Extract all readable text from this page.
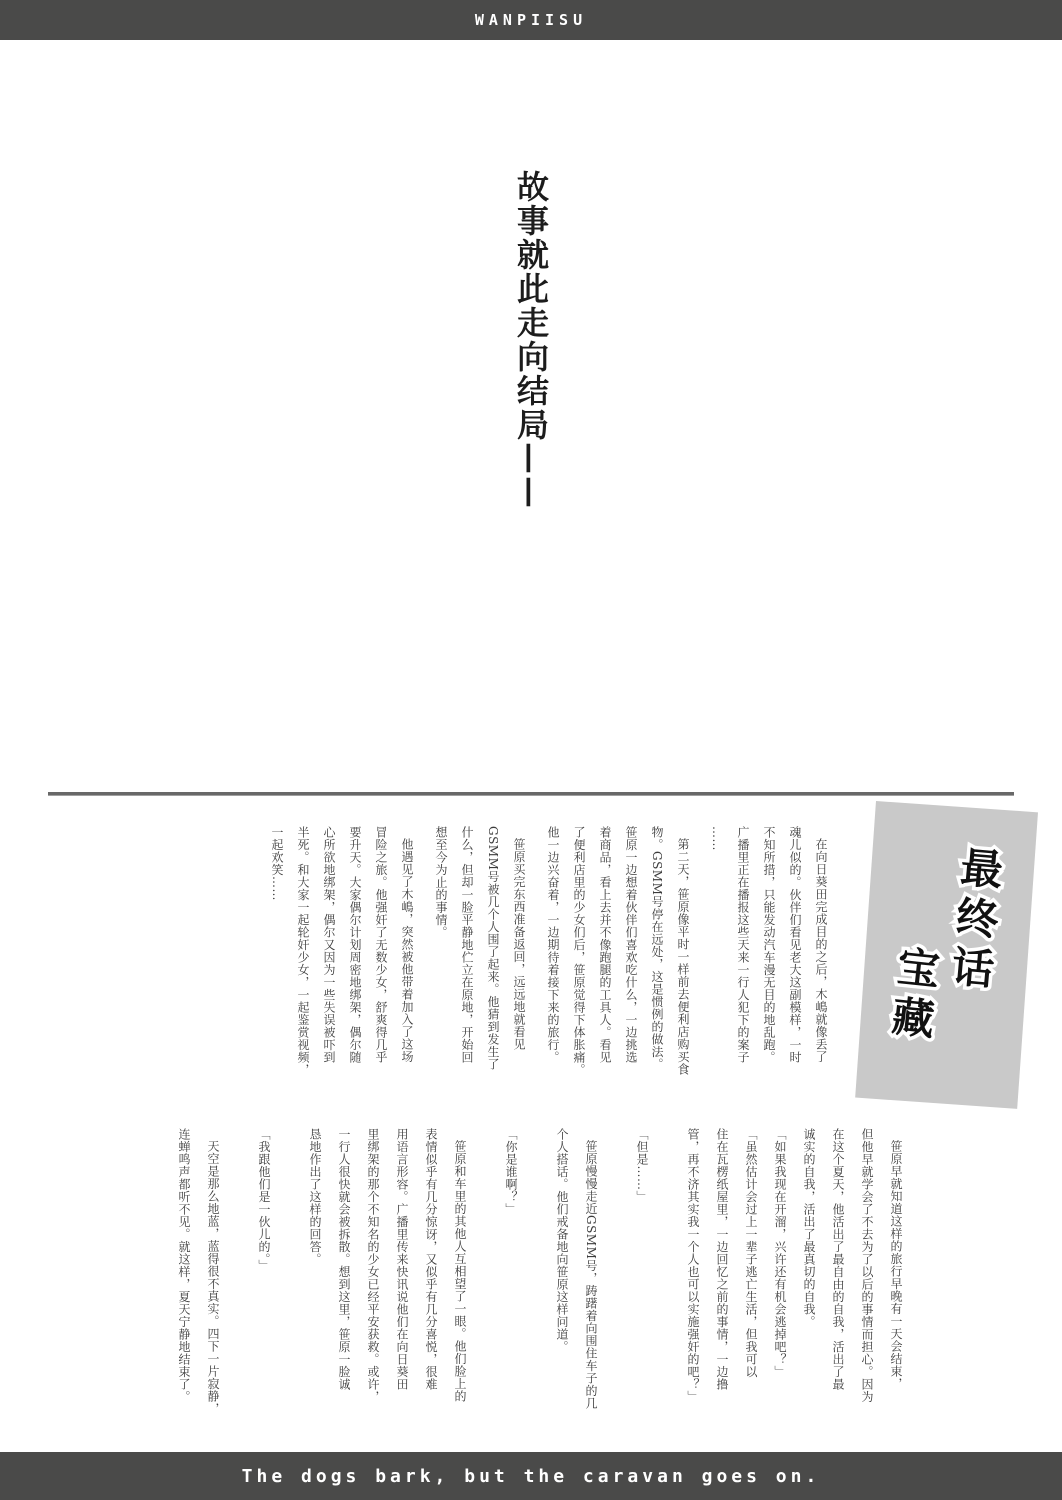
WANPIISU
故事就此走向结局——
最终话
宝藏
在向日葵田完成目的之后，木嶋就像丢了
魂儿似的。伙伴们看见老大这副模样，一时
不知所措，只能发动汽车漫无目的地乱跑。
广播里正在播报这些天来一行人犯下的案子
……
第二天，笹原像平时一样前去便利店购买食
物。GSMM号停在远处，这是惯例的做法。
笹原一边想着伙伴们喜欢吃什么，一边挑选
着商品，看上去并不像跑腿的工具人。看见
了便利店里的少女们后，笹原觉得下体胀痛。
他一边兴奋着，一边期待着接下来的旅行。
笹原买完东西准备返回，远远地就看见
GSMM号被几个人围了起来。他猜到发生了
什么，但却一脸平静地伫立在原地，开始回
想至今为止的事情。
他遇见了木嶋，突然被他带着加入了这场
冒险之旅。他强奸了无数少女，舒爽得几乎
要升天。大家偶尔计划周密地绑架，偶尔随
心所欲地绑架，偶尔又因为一些失误被吓到
半死。和大家一起轮奸少女，一起鉴赏视频，
一起欢笑……
笹原早就知道这样的旅行早晚有一天会结束，
但他早就学会了不去为了以后的事情而担心。因为
在这个夏天，他活出了最自由的自我，活出了最
诚实的自我，活出了最真切的自我。
「如果我现在开溜，兴许还有机会逃掉吧？」
「虽然估计会过上一辈子逃亡生活，但我可以
住在瓦楞纸屋里，一边回忆之前的事情，一边撸
管，再不济其实我一个人也可以实施强奸的吧？」
「但是……」
笹原慢慢走近GSMM号，踌躇着向围住车子的几
个人搭话。他们戒备地向笹原这样问道。
「你是谁啊？」
笹原和车里的其他人互相望了一眼。他们脸上的
表情似乎有几分惊讶，又似乎有几分喜悦，很难
用语言形容。广播里传来快讯说他们在向日葵田
里绑架的那个不知名的少女已经平安获救。或许，
一行人很快就会被拆散。想到这里，笹原一脸诚
恳地作出了这样的回答。
「我跟他们是一伙儿的。」
天空是那么地蓝，蓝得很不真实。四下一片寂静，
连蝉鸣声都听不见。就这样，夏天宁静地结束了。
The dogs bark, but the caravan goes on.
